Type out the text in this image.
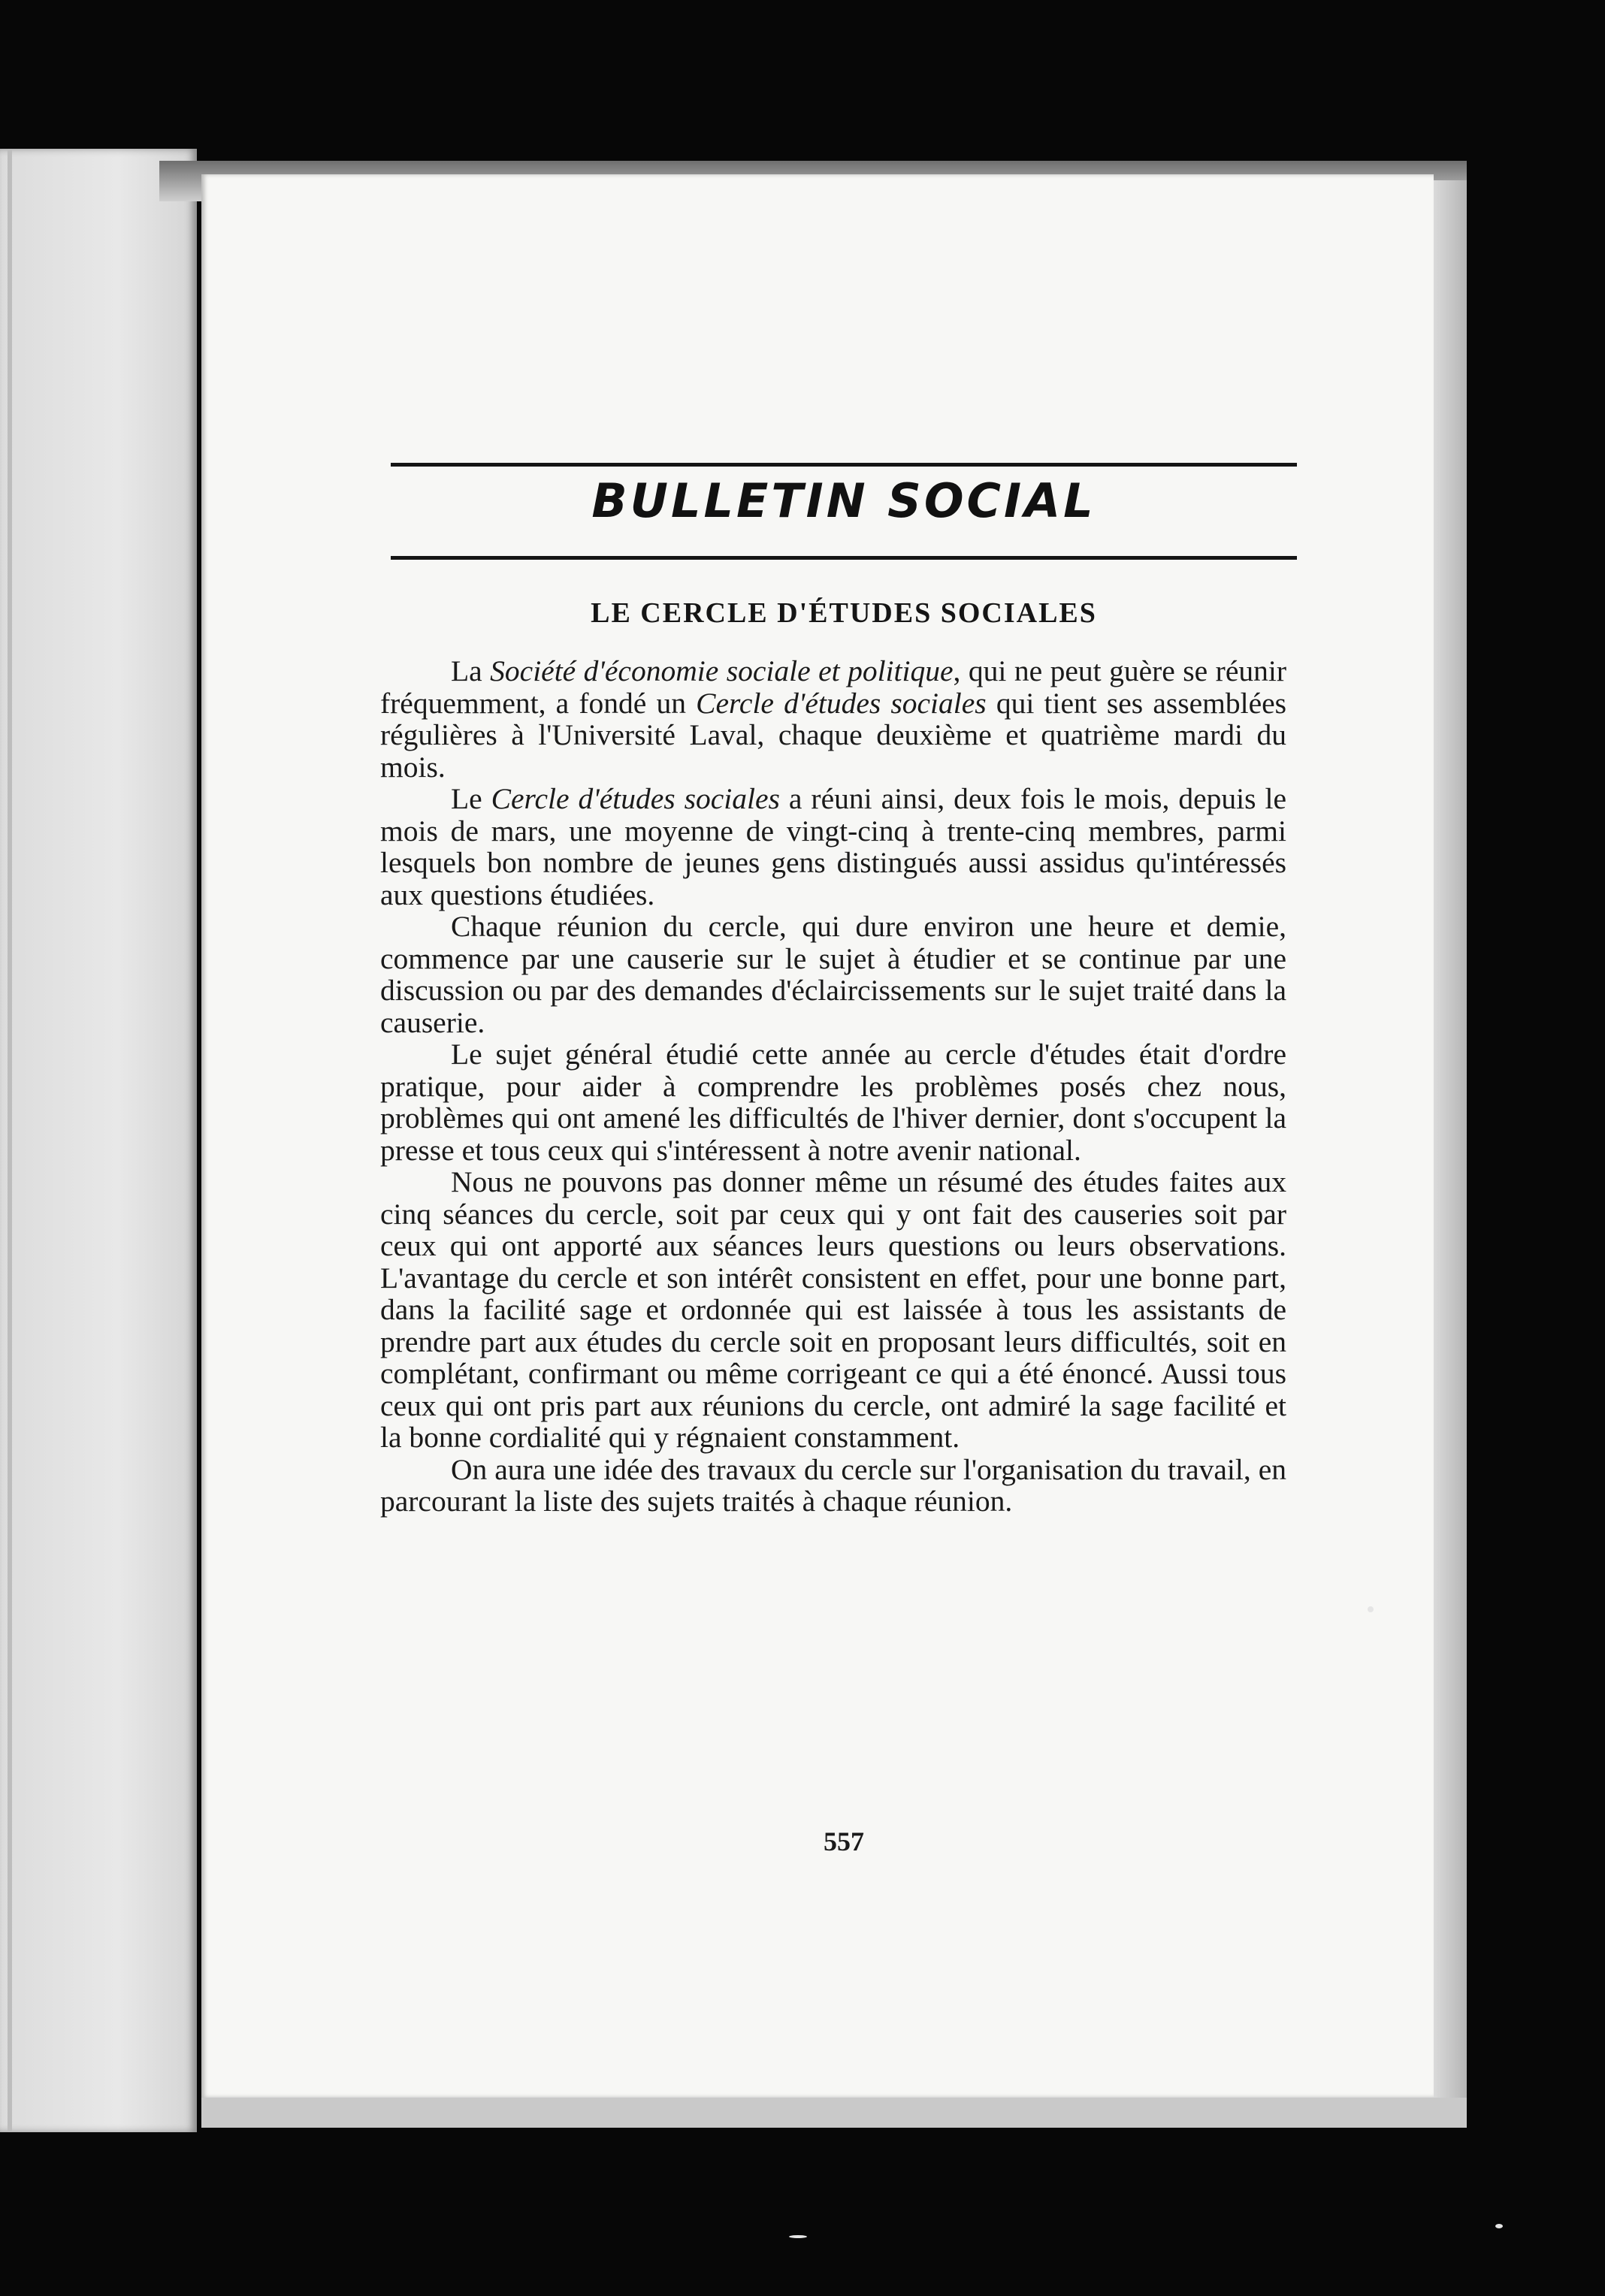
BULLETIN SOCIAL
LE CERCLE D'ÉTUDES SOCIALES

La Société d'économie sociale et politique, qui ne peut guère se réunir fréquemment, a fondé un Cercle d'études sociales qui tient ses assemblées régulières à l'Université Laval, chaque deuxième et quatrième mardi du mois.

Le Cercle d'études sociales a réuni ainsi, deux fois le mois, depuis le mois de mars, une moyenne de vingt-cinq à trente-cinq membres, parmi lesquels bon nombre de jeunes gens distingués aussi assidus qu'intéressés aux questions étudiées.

Chaque réunion du cercle, qui dure environ une heure et demie, commence par une causerie sur le sujet à étudier et se continue par une discussion ou par des demandes d'éclaircissements sur le sujet traité dans la causerie.

Le sujet général étudié cette année au cercle d'études était d'ordre pratique, pour aider à comprendre les problèmes posés chez nous, problèmes qui ont amené les difficultés de l'hiver dernier, dont s'occupent la presse et tous ceux qui s'intéressent à notre avenir national.

Nous ne pouvons pas donner même un résumé des études faites aux cinq séances du cercle, soit par ceux qui y ont fait des causeries soit par ceux qui ont apporté aux séances leurs questions ou leurs observations. L'avantage du cercle et son intérêt consistent en effet, pour une bonne part, dans la facilité sage et ordonnée qui est laissée à tous les assistants de prendre part aux études du cercle soit en proposant leurs difficultés, soit en complétant, confirmant ou même corrigeant ce qui a été énoncé. Aussi tous ceux qui ont pris part aux réunions du cercle, ont admiré la sage facilité et la bonne cordialité qui y régnaient constamment.

On aura une idée des travaux du cercle sur l'organisation du travail, en parcourant la liste des sujets traités à chaque réunion.

557
